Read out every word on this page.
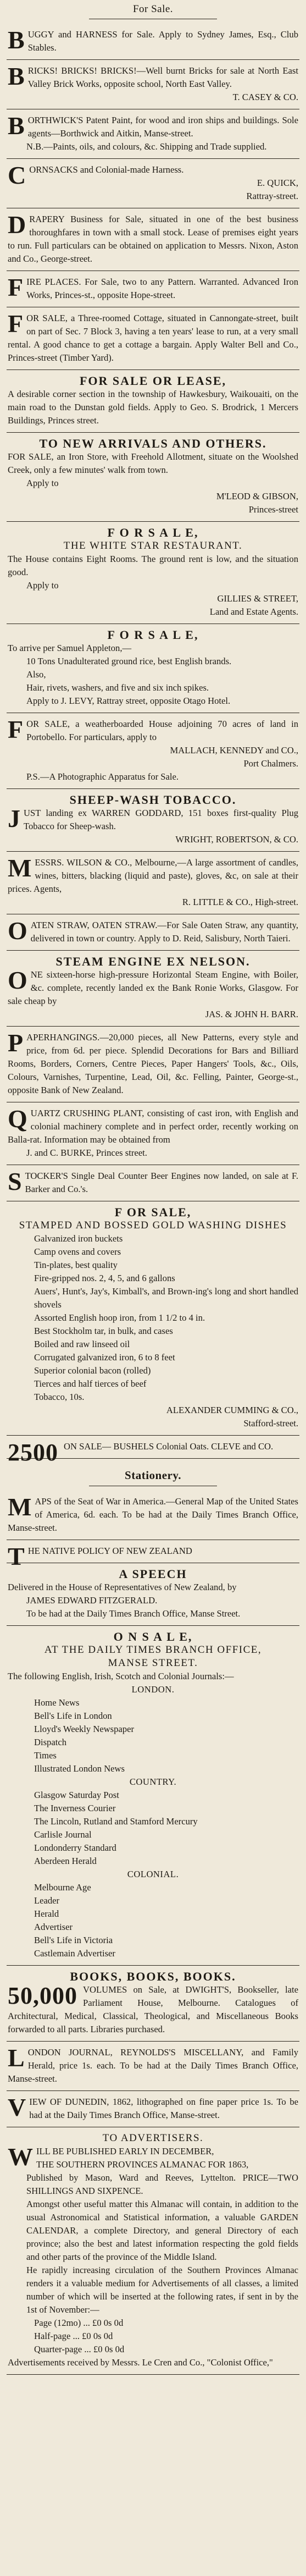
For Sale.

BUGGY and HARNESS for Sale. Apply to Sydney James, Esq., Club Stables.

BRICKS! BRICKS! BRICKS!—Well burnt Bricks for sale at North East Valley Brick Works, opposite school, North East Valley.

T. CASEY & CO.

BORTHWICK'S Patent Paint, for wood and iron ships and buildings. Sole agents—Borthwick and Aitkin, Manse-street.

N.B.—Paints, oils, and colours, &c. Shipping and Trade supplied.

CORNSACKS and Colonial-made Harness.

E. QUICK,

Rattray-street.

DRAPERY Business for Sale, situated in one of the best business thoroughfares in town with a small stock. Lease of premises eight years to run. Full particulars can be obtained on application to Messrs. Nixon, Aston and Co., George-street.

FIRE PLACES. For Sale, two to any Pattern. Warranted. Advanced Iron Works, Princes-st., opposite Hope-street.

FOR SALE, a Three-roomed Cottage, situated in Cannongate-street, built on part of Sec. 7 Block 3, having a ten years' lease to run, at a very small rental. A good chance to get a cottage a bargain. Apply Walter Bell and Co., Princes-street (Timber Yard).

FOR SALE OR LEASE,

A desirable corner section in the township of Hawkesbury, Waikouaiti, on the main road to the Dunstan gold fields. Apply to Geo. S. Brodrick, 1 Mercers Buildings, Princes street.

TO NEW ARRIVALS AND OTHERS.

FOR SALE, an Iron Store, with Freehold Allotment, situate on the Woolshed Creek, only a few minutes' walk from town.

Apply to

M'LEOD & GIBSON,

Princes-street

F O R S A L E,

THE WHITE STAR RESTAURANT.

The House contains Eight Rooms. The ground rent is low, and the situation good.

Apply to

GILLIES & STREET,

Land and Estate Agents.

F O R S A L E,

To arrive per Samuel Appleton,—

10 Tons Unadulterated ground rice, best English brands.

Also,

Hair, rivets, washers, and five and six inch spikes.

Apply to J. LEVY, Rattray street, opposite Otago Hotel.

FOR SALE, a weatherboarded House adjoining 70 acres of land in Portobello. For particulars, apply to

MALLACH, KENNEDY and CO.,

Port Chalmers.

P.S.—A Photographic Apparatus for Sale.

SHEEP-WASH TOBACCO.

JUST landing ex WARREN GODDARD, 151 boxes first-quality Plug Tobacco for Sheep-wash.

WRIGHT, ROBERTSON, & CO.

MESSRS. WILSON & CO., Melbourne,—A large assortment of candles, wines, bitters, blacking (liquid and paste), gloves, &c, on sale at their prices. Agents,

R. LITTLE & CO., High-street.

OATEN STRAW, OATEN STRAW.—For Sale Oaten Straw, any quantity, delivered in town or country. Apply to D. Reid, Salisbury, North Taieri.

STEAM ENGINE EX NELSON.

ONE sixteen-horse high-pressure Horizontal Steam Engine, with Boiler, &c. complete, recently landed ex the Bank Ronie Works, Glasgow. For sale cheap by

JAS. & JOHN H. BARR.

PAPERHANGINGS.—20,000 pieces, all New Patterns, every style and price, from 6d. per piece. Splendid Decorations for Bars and Billiard Rooms, Borders, Corners, Centre Pieces, Paper Hangers' Tools, &c., Oils, Colours, Varnishes, Turpentine, Lead, Oil, &c. Felling, Painter, George-st., opposite Bank of New Zealand.

QUARTZ CRUSHING PLANT, consisting of cast iron, with English and colonial machinery complete and in perfect order, recently working on Balla-rat. Information may be obtained from

J. and C. BURKE, Princes street.

STOCKER'S Single Deal Counter Beer Engines now landed, on sale at F. Barker and Co.'s.

F OR SALE,

STAMPED AND BOSSED GOLD WASHING DISHES

Galvanized iron buckets

Camp ovens and covers

Tin-plates, best quality

Fire-gripped nos. 2, 4, 5, and 6 gallons

Auers', Hunt's, Jay's, Kimball's, and Brown-ing's long and short handled shovels

Assorted English hoop iron, from 1 1/2 to 4 in.

Best Stockholm tar, in bulk, and cases

Boiled and raw linseed oil

Corrugated galvanized iron, 6 to 8 feet

Superior colonial bacon (rolled)

Tierces and half tierces of beef

Tobacco, 10s.

ALEXANDER CUMMING & CO.,

Stafford-street.

2500 ON SALE— BUSHELS Colonial Oats. CLEVE and CO.

Stationery.

MAPS of the Seat of War in America.—General Map of the United States of America, 6d. each. To be had at the Daily Times Branch Office, Manse-street.

THE NATIVE POLICY OF NEW ZEALAND

A SPEECH

Delivered in the House of Representatives of New Zealand, by

JAMES EDWARD FITZGERALD.

To be had at the Daily Times Branch Office, Manse Street.

O N S A L E,

AT THE DAILY TIMES BRANCH OFFICE,

MANSE STREET.

The following English, Irish, Scotch and Colonial Journals:—

LONDON.

Home News

Bell's Life in London

Lloyd's Weekly Newspaper

Dispatch

Times

Illustrated London News

COUNTRY.

Glasgow Saturday Post

The Inverness Courier

The Lincoln, Rutland and Stamford Mercury

Carlisle Journal

Londonderry Standard

Aberdeen Herald

COLONIAL.

Melbourne Age

Leader

Herald

Advertiser

Bell's Life in Victoria

Castlemain Advertiser

BOOKS, BOOKS, BOOKS.

50,000 VOLUMES on Sale, at DWIGHT'S, Bookseller, late Parliament House, Melbourne. Catalogues of Architectural, Medical, Classical, Theological, and Miscellaneous Books forwarded to all parts. Libraries purchased.

LONDON JOURNAL, REYNOLDS'S MISCELLANY, and Family Herald, price 1s. each. To be had at the Daily Times Branch Office, Manse-street.

VIEW OF DUNEDIN, 1862, lithographed on fine paper price 1s. To be had at the Daily Times Branch Office, Manse-street.

TO ADVERTISERS.

WILL BE PUBLISHED EARLY IN DECEMBER,

THE SOUTHERN PROVINCES ALMANAC FOR 1863,

Published by Mason, Ward and Reeves, Lyttelton. PRICE—TWO SHILLINGS AND SIXPENCE.

Amongst other useful matter this Almanac will contain, in addition to the usual Astronomical and Statistical information, a valuable GARDEN CALENDAR, a complete Directory, and general Directory of each province; also the best and latest information respecting the gold fields and other parts of the province of the Middle Island.

He rapidly increasing circulation of the Southern Provinces Almanac renders it a valuable medium for Advertisements of all classes, a limited number of which will be inserted at the following rates, if sent in by the 1st of November:—

Page (12mo) ... £0 0s 0d

Half-page ... £0 0s 0d

Quarter-page ... £0 0s 0d

Advertisements received by Messrs. Le Cren and Co., "Colonist Office,"
